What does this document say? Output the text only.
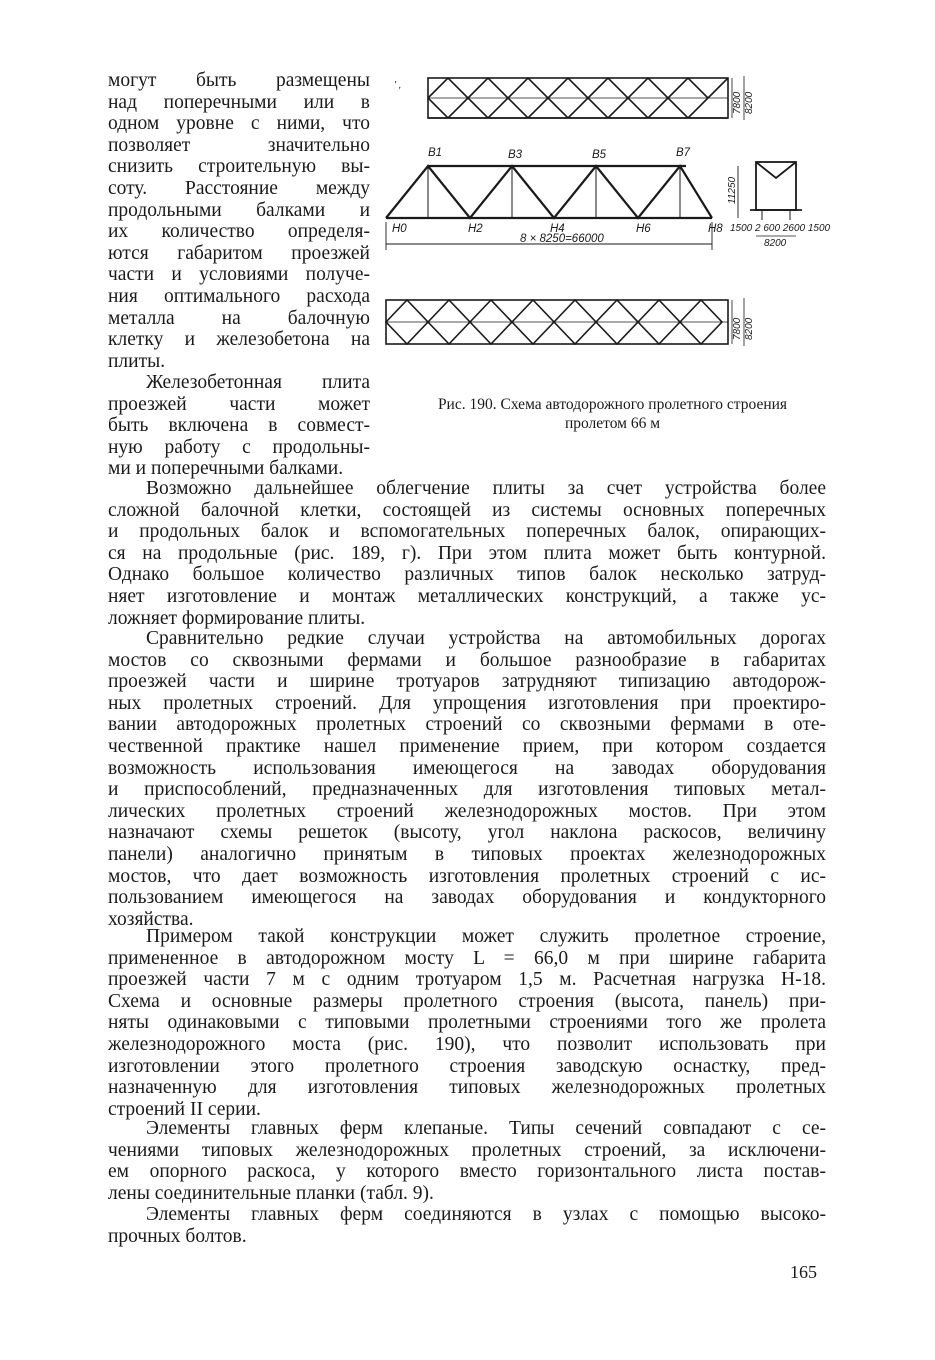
могут быть размещены
над поперечными или в
одном уровне с ними, что
позволяет значительно
снизить строительную вы-
соту. Расстояние между
продольными балками и
их количество определя-
ются габаритом проезжей
части и условиями получе-
ния оптимального расхода
металла на балочную
клетку и железобетона на
плиты.
Железобетонная плита
проезжей части может
быть включена в совмест-
ную работу с продольны-
ми и поперечными балками.
7800 8200
' ,
В1	В3	В5	В7
Н0	Н2	Н4	Н6	Н8
8 × 8250=66000
11250
1500 2 600 2600 1500
8200
7800 8200
Рис. 190. Схема автодорожного пролетного строения
пролетом 66 м
Возможно дальнейшее облегчение плиты за счет устройства более
сложной балочной клетки, состоящей из системы основных поперечных
и продольных балок и вспомогательных поперечных балок, опирающих-
ся на продольные (рис. 189, г). При этом плита может быть контурной.
Однако большое количество различных типов балок несколько затруд-
няет изготовление и монтаж металлических конструкций, а также ус-
ложняет формирование плиты.
Сравнительно редкие случаи устройства на автомобильных дорогах
мостов со сквозными фермами и большое разнообразие в габаритах
проезжей части и ширине тротуаров затрудняют типизацию автодорож-
ных пролетных строений. Для упрощения изготовления при проектиро-
вании автодорожных пролетных строений со сквозными фермами в оте-
чественной практике нашел применение прием, при котором создается
возможность использования имеющегося на заводах оборудования
и приспособлений, предназначенных для изготовления типовых метал-
лических пролетных строений железнодорожных мостов. При этом
назначают схемы решеток (высоту, угол наклона раскосов, величину
панели) аналогично принятым в типовых проектах железнодорожных
мостов, что дает возможность изготовления пролетных строений с ис-
пользованием имеющегося на заводах оборудования и кондукторного
хозяйства.
Примером такой конструкции может служить пролетное строение,
примененное в автодорожном мосту L = 66,0 м при ширине габарита
проезжей части 7 м с одним тротуаром 1,5 м. Расчетная нагрузка Н-18.
Схема и основные размеры пролетного строения (высота, панель) при-
няты одинаковыми с типовыми пролетными строениями того же пролета
железнодорожного моста (рис. 190), что позволит использовать при
изготовлении этого пролетного строения заводскую оснастку, пред-
назначенную для изготовления типовых железнодорожных пролетных
строений II серии.
Элементы главных ферм клепаные. Типы сечений совпадают с се-
чениями типовых железнодорожных пролетных строений, за исключени-
ем опорного раскоса, у которого вместо горизонтального листа постав-
лены соединительные планки (табл. 9).
Элементы главных ферм соединяются в узлах с помощью высоко-
прочных болтов.
165
